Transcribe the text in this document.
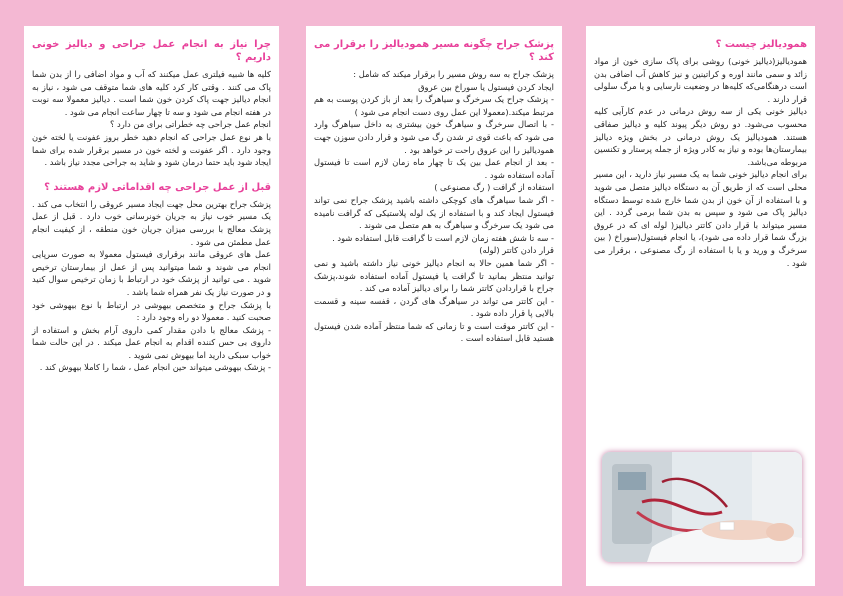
چرا نیاز به انجام عمل جراحی و دیالیز خونی داریم ؟
کلیه ها شبیه فیلتری عمل میکنند که آب و مواد اضافی را از بدن شما پاک می کنند . وقتی کار کرد کلیه های شما متوقف می شود ، نیاز به انجام دیالیز جهت پاک کردن خون شما است . دیالیز معمولا سه نوبت در هفته انجام می شود و سه تا چهار ساعت انجام می شود .
انجام عمل جراحی چه خطراتی برای من دارد ؟
با هر نوع عمل جراحی که انجام دهید خطر بروز عفونت یا لخته خون وجود دارد . اگر عفونت و لخته خون در مسیر برقرار شده برای شما ایجاد شود باید حتما درمان شود و شاید به جراحی مجدد نیاز باشد .
قبل از عمل جراحی چه اقداماتی لازم هستند ؟
پزشک جراح بهترین محل جهت ایجاد مسیر عروقی را انتخاب می کند . یک مسیر خوب نیاز به جریان خونرسانی خوب دارد . قبل از عمل پزشک معالج با بررسی میزان جریان خون منطقه ، از کیفیت انجام عمل مطمئن می شود .
عمل های عروقی مانند برقراری فیستول معمولا به صورت سرپایی انجام می شوند و شما میتوانید پس از عمل از بیمارستان ترخیص شوید . می توانید از پزشک خود در ارتباط با زمان ترخیص سوال کنید و در صورت نیاز یک نفر همراه شما باشد .
با پزشک جراح و متخصص بیهوشی در ارتباط با نوع بیهوشی خود صحبت کنید . معمولا دو راه وجود دارد :
- پزشک معالج با دادن مقدار کمی داروی آرام بخش و استفاده از داروی بی حس کننده اقدام به انجام عمل میکند . در این حالت شما خواب سبکی دارید اما بیهوش نمی شوید .
- پزشک بیهوشی میتواند حین انجام عمل ، شما را کاملا بیهوش کند .
پزشک جراح چگونه مسیر همودیالیز را برقرار می کند ؟
پزشک جراح به سه روش مسیر را برقرار میکند که شامل :
ایجاد کردن فیستول یا سوراخ بین عروق
- پزشک جراح یک سرخرگ و سیاهرگ را بعد از باز کردن پوست به هم مرتبط میکند.(معمولا این عمل روی دست انجام می شود )
- با اتصال سرخرگ و سیاهرگ خون بیشتری به داخل سیاهرگ وارد می شود که باعث قوی تر شدن رگ می شود و قرار دادن سوزن جهت همودیالیز را این عروق راحت تر خواهد بود .
- بعد از انجام عمل بین یک تا چهار ماه زمان لازم است تا فیستول آماده استفاده شود .
استفاده از گرافت ( رگ مصنوعی )
- اگر شما سیاهرگ های کوچکی داشته باشید پزشک جراح نمی تواند فیستول ایجاد کند و با استفاده از یک لوله پلاستیکی که گرافت نامیده می شود یک سرخرگ و سیاهرگ به هم متصل می شوند .
- سه تا شش هفته زمان لازم است تا گرافت قابل استفاده شود .
قرار دادن کاتتر (لوله)
- اگر شما همین حالا به انجام دیالیز خونی نیاز داشته باشید و نمی توانید منتظر بمانید تا گرافت یا فیستول آماده استفاده شوند،پزشک جراح با قراردادن کاتتر شما را برای دیالیز آماده می کند .
- این کاتتر می تواند در سیاهرگ های گردن ، قفسه سینه و قسمت بالایی پا قرار داده شود .
- این کاتتر موقت است و تا زمانی که شما منتظر آماده شدن فیستول هستید قابل استفاده است .
همودیالیز چیست ؟
همودیالیز(دیالیز خونی) روشی برای پاک سازی خون از مواد زائد و سمی مانند اوره و کراتینین و نیز کاهش آب اضافی بدن است درهنگامی‌که کلیه‌ها در وضعیت نارسایی و یا مرگ سلولی قرار دارند .
دیالیز خونی یکی از سه روش درمانی در عدم کارآیی کلیه محسوب می‌شود. دو روش دیگر پیوند کلیه و دیالیز صفاقی هستند. همودیالیز یک روش درمانی در بخش ویژه دیالیز بیمارستان‌ها بوده و نیاز به کادر ویژه از جمله پرستار و تکنسین مربوطه می‌باشد.
برای انجام دیالیز خونی شما به یک مسیر نیاز دارید ، این مسیر محلی است که از طریق آن به دستگاه دیالیز متصل می شوید و با استفاده از آن خون از بدن شما خارج شده توسط دستگاه دیالیز پاک می شود و سپس به بدن شما برمی گردد . این مسیر میتواند با قرار دادن کاتتر دیالیز( لوله ای که در عروق بزرگ شما قرار داده می شود)، یا انجام فیستول(سوراخ ( بین سرخرگ و ورید و یا با استفاده از رگ مصنوعی ، برقرار می شود .
